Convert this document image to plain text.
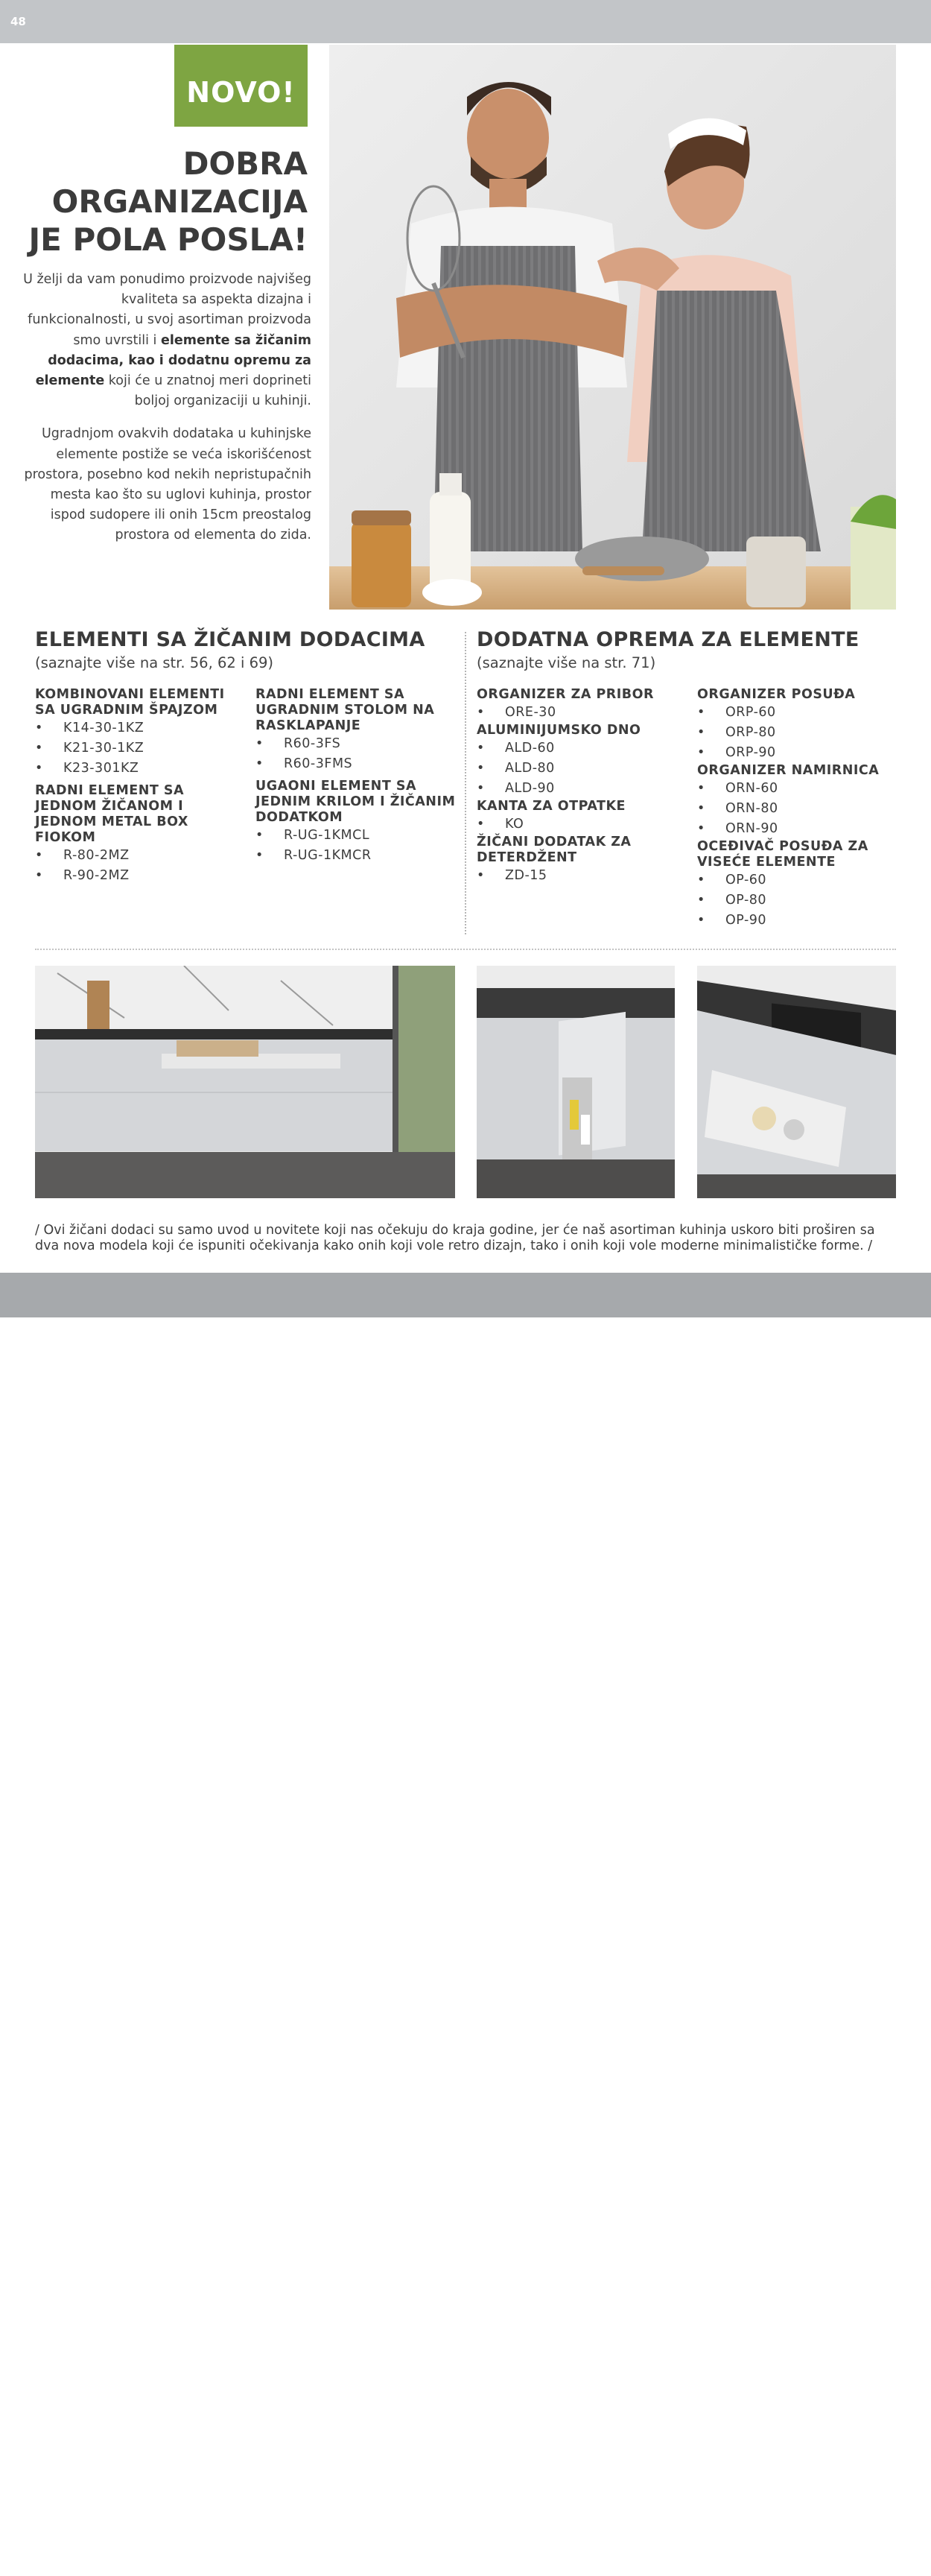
48
NOVO!
DOBRA
ORGANIZACIJA
JE POLA POSLA!

U želji da vam ponudimo proizvode najvišeg kvaliteta sa aspekta dizajna i funkcionalnosti, u svoj asortiman proizvoda smo uvrstili i elemente sa žičanim dodacima, kao i dodatnu opremu za elemente koji će u znatnoj meri doprineti boljoj organizaciji u kuhinji.

Ugradnjom ovakvih dodataka u kuhinjske elemente postiže se veća iskorišćenost prostora, posebno kod nekih nepristupačnih mesta kao što su uglovi kuhinja, prostor ispod sudopere ili onih 15cm preostalog prostora od elementa do zida.

ELEMENTI SA ŽIČANIM DODACIMA
(saznajte više na str. 56, 62 i 69)
KOMBINOVANI ELEMENTI SA UGRADNIM ŠPAJZOM
• K14-30-1KZ
• K21-30-1KZ
• K23-301KZ
RADNI ELEMENT SA JEDNOM ŽIČANOM I JEDNOM METAL BOX FIOKOM
• R-80-2MZ
• R-90-2MZ
RADNI ELEMENT SA UGRADNIM STOLOM NA RASKLAPANJE
• R60-3FS
• R60-3FMS
UGAONI ELEMENT SA JEDNIM KRILOM I ŽIČANIM DODATKOM
• R-UG-1KMCL
• R-UG-1KMCR
DODATNA OPREMA ZA ELEMENTE
(saznajte više na str. 71)
ORGANIZER ZA PRIBOR
• ORE-30
ALUMINIJUMSKO DNO
• ALD-60
• ALD-80
• ALD-90
KANTA ZA OTPATKE
• KO
ŽIČANI DODATAK ZA DETERDŽENT
• ZD-15
ORGANIZER POSUĐA
• ORP-60
• ORP-80
• ORP-90
ORGANIZER NAMIRNICA
• ORN-60
• ORN-80
• ORN-90
OCEĐIVAČ POSUĐA ZA VISEĆE ELEMENTE
• OP-60
• OP-80
• OP-90
/ Ovi žičani dodaci su samo uvod u novitete koji nas očekuju do kraja godine, jer će naš asortiman kuhinja uskoro biti proširen sa dva nova modela koji će ispuniti očekivanja kako onih koji vole retro dizajn, tako i onih koji vole moderne minimalističke forme. /
jela.rs
